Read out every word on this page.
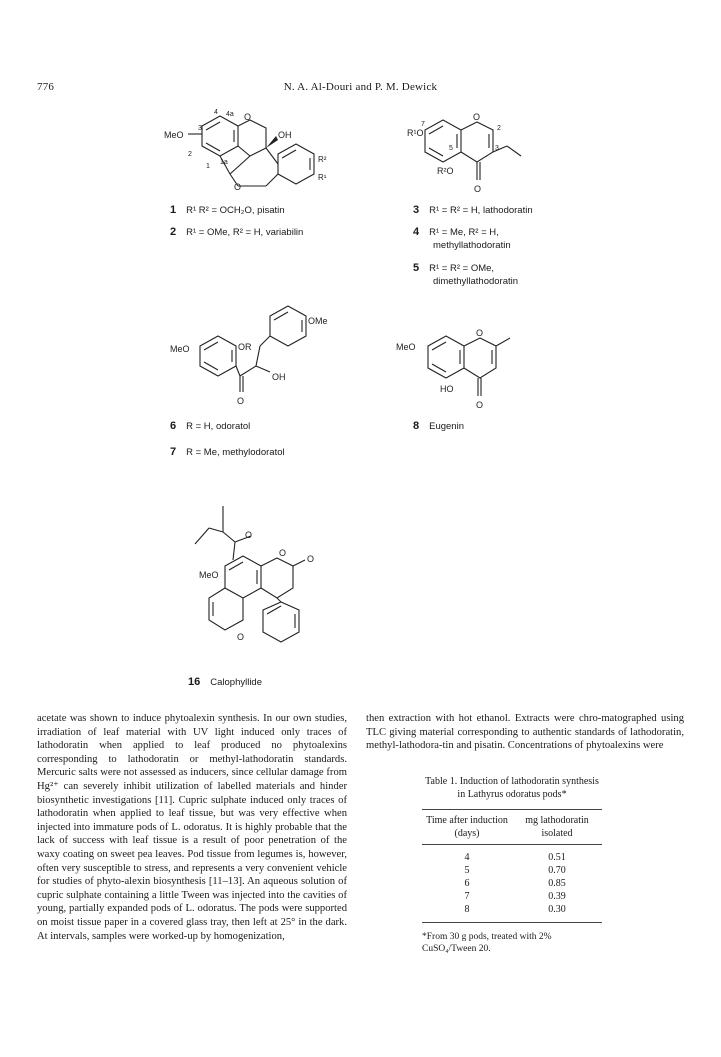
776	N. A. Al-Douri and P. M. Dewick
MeO
4 4a
3
2
1
1a
O
OH
O
R²
R¹
1 R¹ R² = OCH₂O, pisatin
2 R¹ = OMe, R² = H, variabilin
R¹O
7
O
2
3
5
R²O
O
3 R¹ = R² = H, lathodoratin
4 R¹ = Me, R² = H,
methyllathodoratin
5 R¹ = R² = OMe,
dimethyllathodoratin
MeO	OR
OMe
OH
O
6 R = H, odoratol
7 R = Me, methylodoratol
MeO
O
HO
O
8 Eugenin
O
MeO
O
O
O
16 Calophyllide

acetate was shown to induce phytoalexin synthesis. In our own studies, irradiation of leaf material with UV light induced only traces of lathodoratin when applied to leaf produced no phytoalexins corresponding to lathodoratin or methyl-lathodoratin standards. Mercuric salts were not assessed as inducers, since cellular damage from Hg²⁺ can severely inhibit utilization of labelled materials and hinder biosynthetic investigations [11]. Cupric sulphate induced only traces of lathodoratin when applied to leaf tissue, but was very effective when injected into immature pods of L. odoratus. It is highly probable that the lack of success with leaf tissue is a result of poor penetration of the waxy coating on sweet pea leaves. Pod tissue from legumes is, however, often very susceptible to stress, and represents a very convenient vehicle for studies of phyto-alexin biosynthesis [11–13]. An aqueous solution of cupric sulphate containing a little Tween was injected into the cavities of young, partially expanded pods of L. odoratus. The pods were supported on moist tissue paper in a covered glass tray, then left at 25° in the dark. At intervals, samples were worked-up by homogenization,

then extraction with hot ethanol. Extracts were chro-matographed using TLC giving material corresponding to authentic standards of lathodoratin, methyl-lathodora-tin and pisatin. Concentrations of phytoalexins were

Table 1. Induction of lathodoratin synthesis in Lathyrus odoratus pods*
Time after induction (days)	mg lathodoratin isolated
4	0.51
5	0.70
6	0.85
7	0.39
8	0.30
*From 30 g pods, treated with 2% CuSO₄/Tween 20.
